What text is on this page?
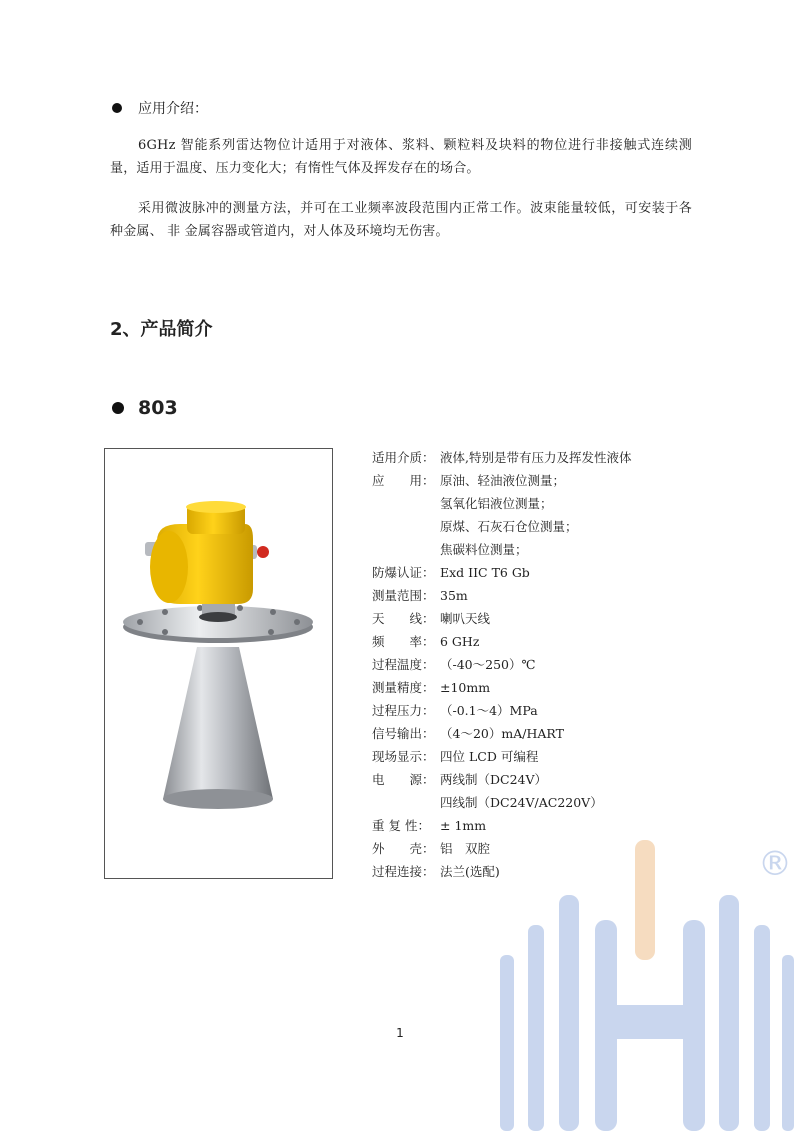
应用介绍：
6GHz 智能系列雷达物位计适用于对液体、浆料、颗粒料及块料的物位进行非接触式连续测量，适用于温度、压力变化大；有惰性气体及挥发存在的场合。
采用微波脉冲的测量方法，并可在工业频率波段范围内正常工作。波束能量较低，可安装于各种金属、 非 金属容器或管道内，对人体及环境均无伤害。
2、产品简介
803
适用介质： 液体,特别是带有压力及挥发性液体
应　　用： 原油、轻油液位测量；
氢氧化铝液位测量；
原煤、石灰石仓位测量；
焦碳料位测量；
防爆认证： Exd IIC T6 Gb
测量范围： 35m
天　　线： 喇叭天线
频　　率： 6 GHz
过程温度： （-40～250）℃
测量精度： ±10mm
过程压力： （-0.1～4）MPa
信号输出： （4～20）mA/HART
现场显示： 四位 LCD 可编程
电　　源： 两线制（DC24V）
四线制（DC24V/AC220V）
重 复 性： ± 1mm
外　　壳： 铝　双腔
过程连接： 法兰(选配)
1
®
